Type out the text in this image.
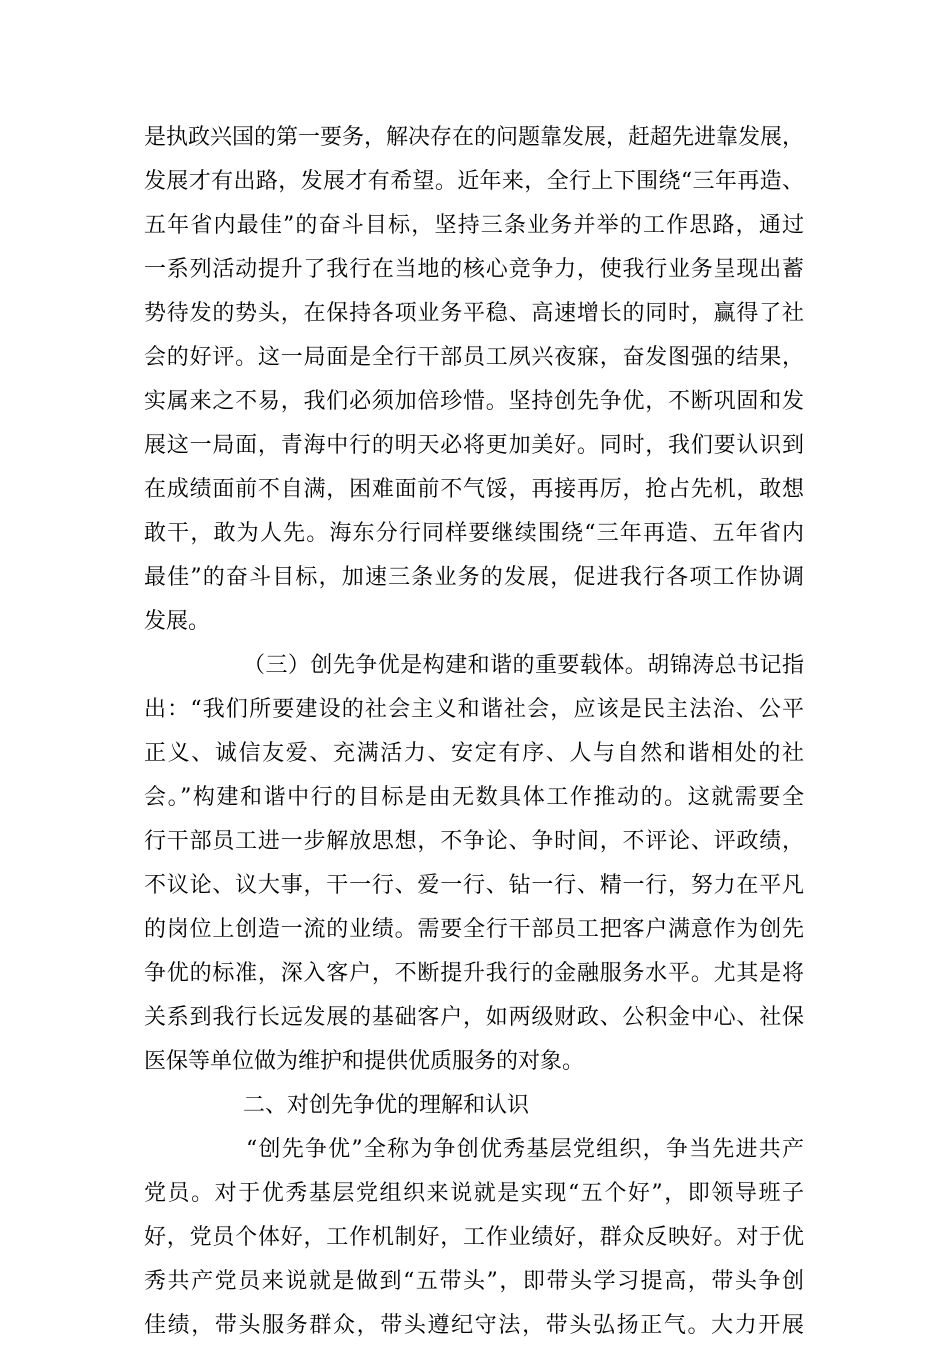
是执政兴国的第一要务，解决存在的问题靠发展，赶超先进靠发展，
发展才有出路，发展才有希望。近年来，全行上下围绕“三年再造、
五年省内最佳”的奋斗目标，坚持三条业务并举的工作思路，通过
一系列活动提升了我行在当地的核心竞争力，使我行业务呈现出蓄
势待发的势头，在保持各项业务平稳、高速增长的同时，赢得了社
会的好评。这一局面是全行干部员工夙兴夜寐，奋发图强的结果，
实属来之不易，我们必须加倍珍惜。坚持创先争优，不断巩固和发
展这一局面，青海中行的明天必将更加美好。同时，我们要认识到
在成绩面前不自满，困难面前不气馁，再接再厉，抢占先机，敢想
敢干，敢为人先。海东分行同样要继续围绕“三年再造、五年省内
最佳”的奋斗目标，加速三条业务的发展，促进我行各项工作协调
发展。
（三）创先争优是构建和谐的重要载体。胡锦涛总书记指
出：“我们所要建设的社会主义和谐社会，应该是民主法治、公平
正义、诚信友爱、充满活力、安定有序、人与自然和谐相处的社
会。”构建和谐中行的目标是由无数具体工作推动的。这就需要全
行干部员工进一步解放思想，不争论、争时间，不评论、评政绩，
不议论、议大事，干一行、爱一行、钻一行、精一行，努力在平凡
的岗位上创造一流的业绩。需要全行干部员工把客户满意作为创先
争优的标准，深入客户，不断提升我行的金融服务水平。尤其是将
关系到我行长远发展的基础客户，如两级财政、公积金中心、社保
医保等单位做为维护和提供优质服务的对象。
二、对创先争优的理解和认识
“创先争优”全称为争创优秀基层党组织，争当先进共产
党员。对于优秀基层党组织来说就是实现“五个好”，即领导班子
好，党员个体好，工作机制好，工作业绩好，群众反映好。对于优
秀共产党员来说就是做到“五带头”，即带头学习提高，带头争创
佳绩，带头服务群众，带头遵纪守法，带头弘扬正气。大力开展
